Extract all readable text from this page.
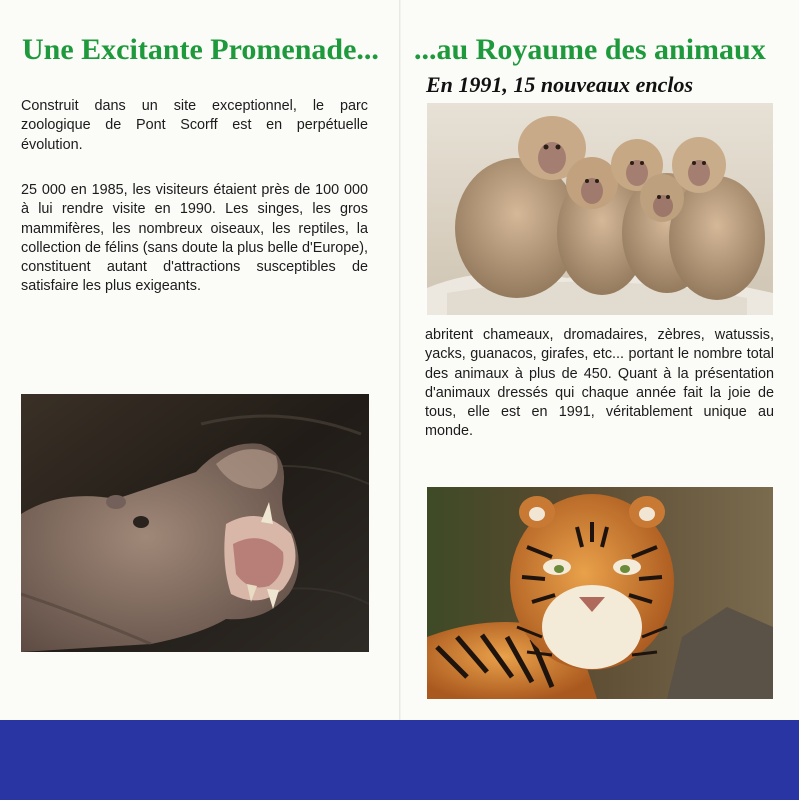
Une Excitante Promenade...

Construit dans un site exceptionnel, le parc zoologique de Pont Scorff est en perpétuelle évolution.

25 000 en 1985, les visiteurs étaient près de 100 000 à lui rendre visite en 1990. Les singes, les gros mammifères, les nombreux oiseaux, les reptiles, la collection de félins (sans doute la plus belle d'Europe), constituent autant d'attractions susceptibles de satisfaire les plus exigeants.

...au Royaume des animaux
En 1991, 15 nouveaux enclos

abritent chameaux, dromadaires, zèbres, watussis, yacks, guanacos, girafes, etc... portant le nombre total des animaux à plus de 450. Quant à la présentation d'animaux dressés qui chaque année fait la joie de tous, elle est en 1991, véritablement unique au monde.
